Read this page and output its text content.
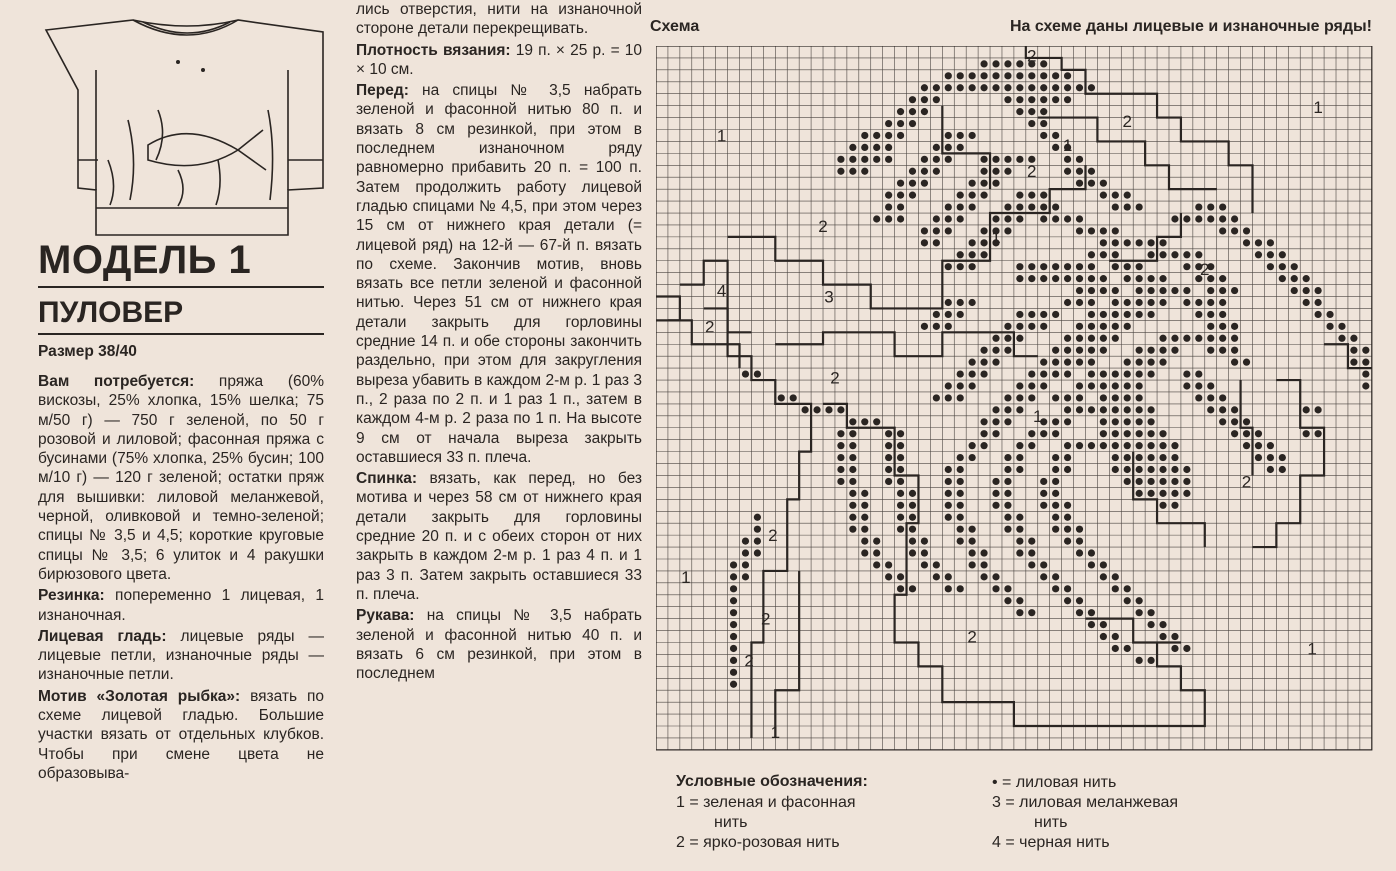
МОДЕЛЬ 1
ПУЛОВЕР
Размер 38/40

Вам потребуется: пряжа (60% вискозы, 25% хлопка, 15% шелка; 75 м/50 г) — 750 г зеленой, по 50 г розовой и лиловой; фасонная пряжа с бусинами (75% хлопка, 25% бусин; 100 м/10 г) — 120 г зеленой; остатки пряж для вышивки: лиловой меланжевой, черной, оливковой и темно-зеленой; спицы № 3,5 и 4,5; короткие круговые спицы № 3,5; 6 улиток и 4 ракушки бирюзового цвета.

Резинка: попеременно 1 лицевая, 1 изнаночная.

Лицевая гладь: лицевые ряды — лицевые петли, изнаночные ряды — изнаночные петли.

Мотив «Золотая рыбка»: вязать по схеме лицевой гладью. Большие участки вязать от отдельных клубков. Чтобы при смене цвета не образовыва-

лись отверстия, нити на изнаночной стороне детали перекрещивать.

Плотность вязания: 19 п. × 25 р. = 10 × 10 см.

Перед: на спицы № 3,5 набрать зеленой и фасонной нитью 80 п. и вязать 8 см резинкой, при этом в последнем изнаночном ряду равномерно прибавить 20 п. = 100 п. Затем продолжить работу лицевой гладью спицами № 4,5, при этом через 15 см от нижнего края детали (= лицевой ряд) на 12-й — 67-й п. вязать по схеме. Закончив мотив, вновь вязать все петли зеленой и фасонной нитью. Через 51 см от нижнего края детали закрыть для горловины средние 14 п. и обе стороны закончить раздельно, при этом для закругления выреза убавить в каждом 2-м р. 1 раз 3 п., 2 раза по 2 п. и 1 раз 1 п., затем в каждом 4-м р. 2 раза по 1 п. На высоте 9 см от начала выреза закрыть оставшиеся 33 п. плеча.

Спинка: вязать, как перед, но без мотива и через 58 см от нижнего края детали закрыть для горловины средние 20 п. и с обеих сторон от них закрыть в каждом 2-м р. 1 раз 4 п. и 1 раз 3 п. Затем закрыть оставшиеся 33 п. плеча.

Рукава: на спицы № 3,5 набрать зеленой и фасонной нитью 40 п. и вязать 6 см резинкой, при этом в последнем

Схема	На схеме даны лицевые и изнаночные ряды!
1
1
1
1
1
1
1
1
2
2
2
2
2
2
2
2
2
2
2
2
3
4
Условные обозначения:
1 = зеленая и фасонная
нить
2 = ярко-розовая нить
• = лиловая нить
3 = лиловая меланжевая
нить
4 = черная нить
